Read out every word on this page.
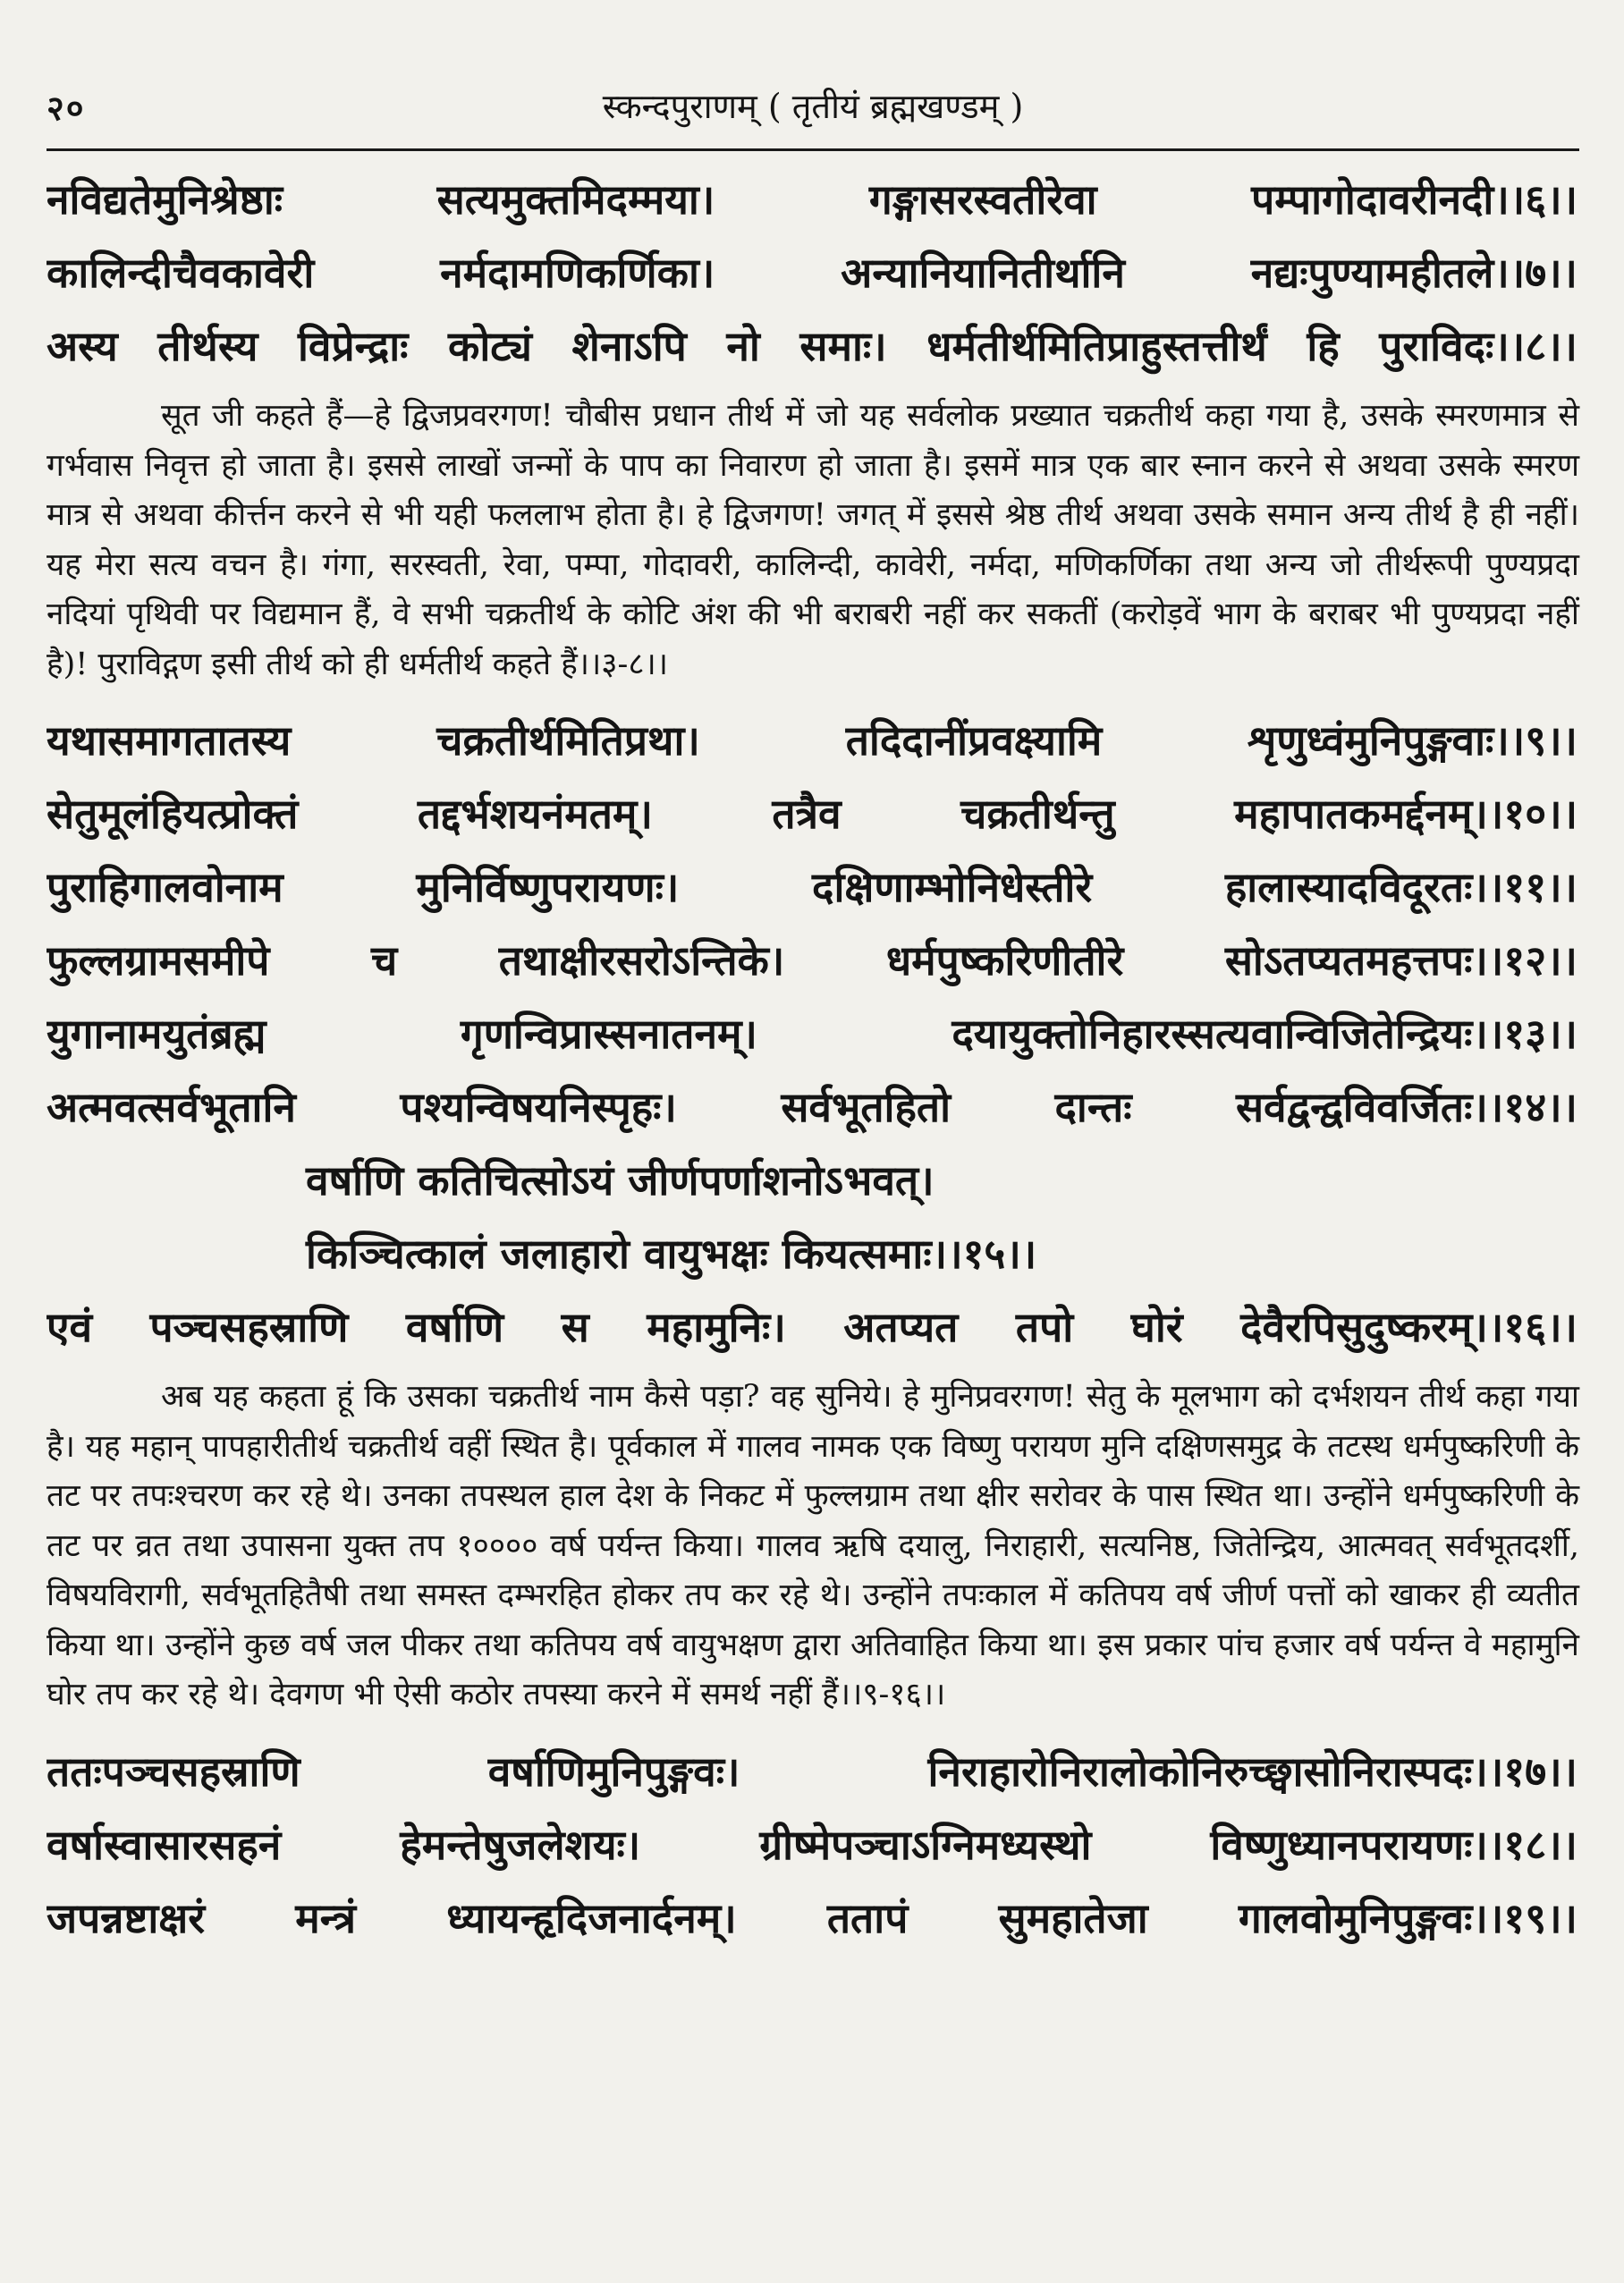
२०	स्कन्दपुराणम् ( तृतीयं ब्रह्मखण्डम् )
नविद्यतेमुनिश्रेष्ठाः सत्यमुक्तमिदम्मया। गङ्गासरस्वतीरेवा पम्पागोदावरीनदी।।६।।
कालिन्दीचैवकावेरी नर्मदामणिकर्णिका। अन्यानियानितीर्थानि नद्यःपुण्यामहीतले।।७।।
अस्य तीर्थस्य विप्रेन्द्राः कोट्यं शेनाऽपि नो समाः। धर्मतीर्थमितिप्राहुस्तत्तीर्थं हि पुराविदः।।८।।

सूत जी कहते हैं—हे द्विजप्रवरगण! चौबीस प्रधान तीर्थ में जो यह सर्वलोक प्रख्यात चक्रतीर्थ कहा गया है, उसके स्मरणमात्र से गर्भवास निवृत्त हो जाता है। इससे लाखों जन्मों के पाप का निवारण हो जाता है। इसमें मात्र एक बार स्नान करने से अथवा उसके स्मरण मात्र से अथवा कीर्त्तन करने से भी यही फललाभ होता है। हे द्विजगण! जगत् में इससे श्रेष्ठ तीर्थ अथवा उसके समान अन्य तीर्थ है ही नहीं। यह मेरा सत्य वचन है। गंगा, सरस्वती, रेवा, पम्पा, गोदावरी, कालिन्दी, कावेरी, नर्मदा, मणिकर्णिका तथा अन्य जो तीर्थरूपी पुण्यप्रदा नदियां पृथिवी पर विद्यमान हैं, वे सभी चक्रतीर्थ के कोटि अंश की भी बराबरी नहीं कर सकतीं (करोड़वें भाग के बराबर भी पुण्यप्रदा नहीं है)! पुराविद्गण इसी तीर्थ को ही धर्मतीर्थ कहते हैं।।३-८।।

यथासमागतातस्य चक्रतीर्थमितिप्रथा। तदिदानींप्रवक्ष्यामि शृणुध्वंमुनिपुङ्गवाः।।९।।
सेतुमूलंहियत्प्रोक्तं तद्दर्भशयनंमतम्। तत्रैव चक्रतीर्थन्तु महापातकमर्द्दनम्।।१०।।
पुराहिगालवोनाम मुनिर्विष्णुपरायणः। दक्षिणाम्भोनिधेस्तीरे हालास्यादविदूरतः।।११।।
फुल्लग्रामसमीपे च तथाक्षीरसरोऽन्तिके। धर्मपुष्करिणीतीरे सोऽतप्यतमहत्तपः।।१२।।
युगानामयुतंब्रह्म गृणन्विप्रास्सनातनम्। दयायुक्तोनिहारस्सत्यवान्विजितेन्द्रियः।।१३।।
अत्मवत्सर्वभूतानि पश्यन्विषयनिस्पृहः। सर्वभूतहितो दान्तः सर्वद्वन्द्वविवर्जितः।।१४।।
वर्षाणि कतिचित्सोऽयं जीर्णपर्णाशनोऽभवत्।
किञ्चित्कालं जलाहारो वायुभक्षः कियत्समाः।।१५।।
एवं पञ्चसहस्राणि वर्षाणि स महामुनिः। अतप्यत तपो घोरं देवैरपिसुदुष्करम्।।१६।।

अब यह कहता हूं कि उसका चक्रतीर्थ नाम कैसे पड़ा? वह सुनिये। हे मुनिप्रवरगण! सेतु के मूलभाग को दर्भशयन तीर्थ कहा गया है। यह महान् पापहारीतीर्थ चक्रतीर्थ वहीं स्थित है। पूर्वकाल में गालव नामक एक विष्णु परायण मुनि दक्षिणसमुद्र के तटस्थ धर्मपुष्करिणी के तट पर तपःश्चरण कर रहे थे। उनका तपस्थल हाल देश के निकट में फुल्लग्राम तथा क्षीर सरोवर के पास स्थित था। उन्होंने धर्मपुष्करिणी के तट पर व्रत तथा उपासना युक्त तप १०००० वर्ष पर्यन्त किया। गालव ऋषि दयालु, निराहारी, सत्यनिष्ठ, जितेन्द्रिय, आत्मवत् सर्वभूतदर्शी, विषयविरागी, सर्वभूतहितैषी तथा समस्त दम्भरहित होकर तप कर रहे थे। उन्होंने तपःकाल में कतिपय वर्ष जीर्ण पत्तों को खाकर ही व्यतीत किया था। उन्होंने कुछ वर्ष जल पीकर तथा कतिपय वर्ष वायुभक्षण द्वारा अतिवाहित किया था। इस प्रकार पांच हजार वर्ष पर्यन्त वे महामुनि घोर तप कर रहे थे। देवगण भी ऐसी कठोर तपस्या करने में समर्थ नहीं हैं।।९-१६।।

ततःपञ्चसहस्राणि वर्षाणिमुनिपुङ्गवः। निराहारोनिरालोकोनिरुच्छ्वासोनिरास्पदः।।१७।।
वर्षास्वासारसहनं हेमन्तेषुजलेशयः। ग्रीष्मेपञ्चाऽग्निमध्यस्थो विष्णुध्यानपरायणः।।१८।।
जपन्नष्टाक्षरं मन्त्रं ध्यायन्हृदिजनार्दनम्। ततापं सुमहातेजा गालवोमुनिपुङ्गवः।।१९।।
